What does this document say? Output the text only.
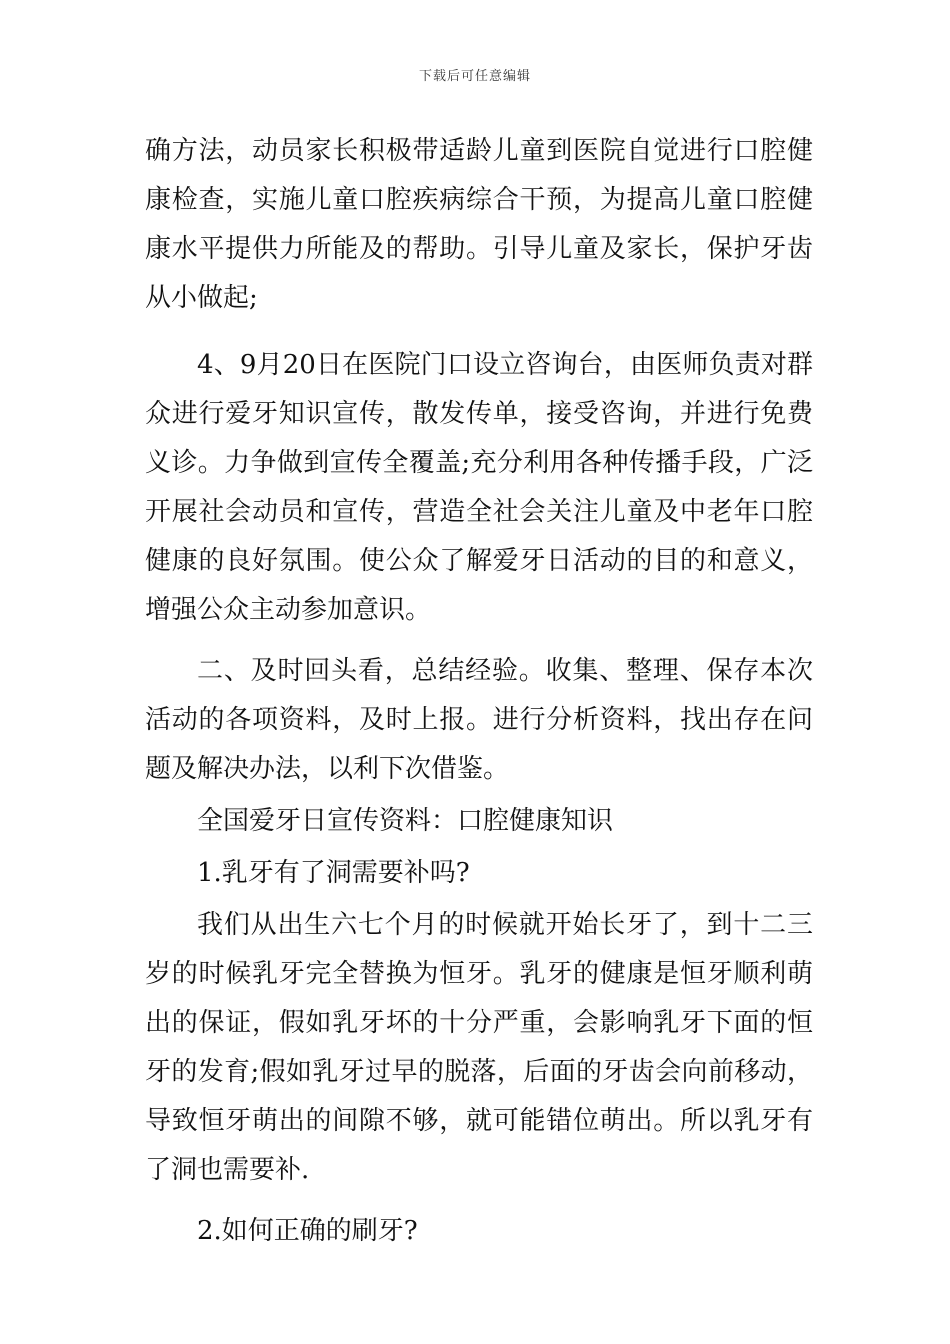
下载后可任意编辑

确方法，动员家长积极带适龄儿童到医院自觉进行口腔健康检查，实施儿童口腔疾病综合干预，为提高儿童口腔健康水平提供力所能及的帮助。引导儿童及家长，保护牙齿从小做起;

4、9月20日在医院门口设立咨询台，由医师负责对群众进行爱牙知识宣传，散发传单，接受咨询，并进行免费义诊。力争做到宣传全覆盖;充分利用各种传播手段，广泛开展社会动员和宣传，营造全社会关注儿童及中老年口腔健康的良好氛围。使公众了解爱牙日活动的目的和意义，增强公众主动参加意识。

二、及时回头看，总结经验。收集、整理、保存本次活动的各项资料，及时上报。进行分析资料，找出存在问题及解决办法，以利下次借鉴。

全国爱牙日宣传资料：口腔健康知识

1.乳牙有了洞需要补吗?

我们从出生六七个月的时候就开始长牙了，到十二三岁的时候乳牙完全替换为恒牙。乳牙的健康是恒牙顺利萌出的保证，假如乳牙坏的十分严重，会影响乳牙下面的恒牙的发育;假如乳牙过早的脱落，后面的牙齿会向前移动，导致恒牙萌出的间隙不够，就可能错位萌出。所以乳牙有了洞也需要补.

2.如何正确的刷牙?
